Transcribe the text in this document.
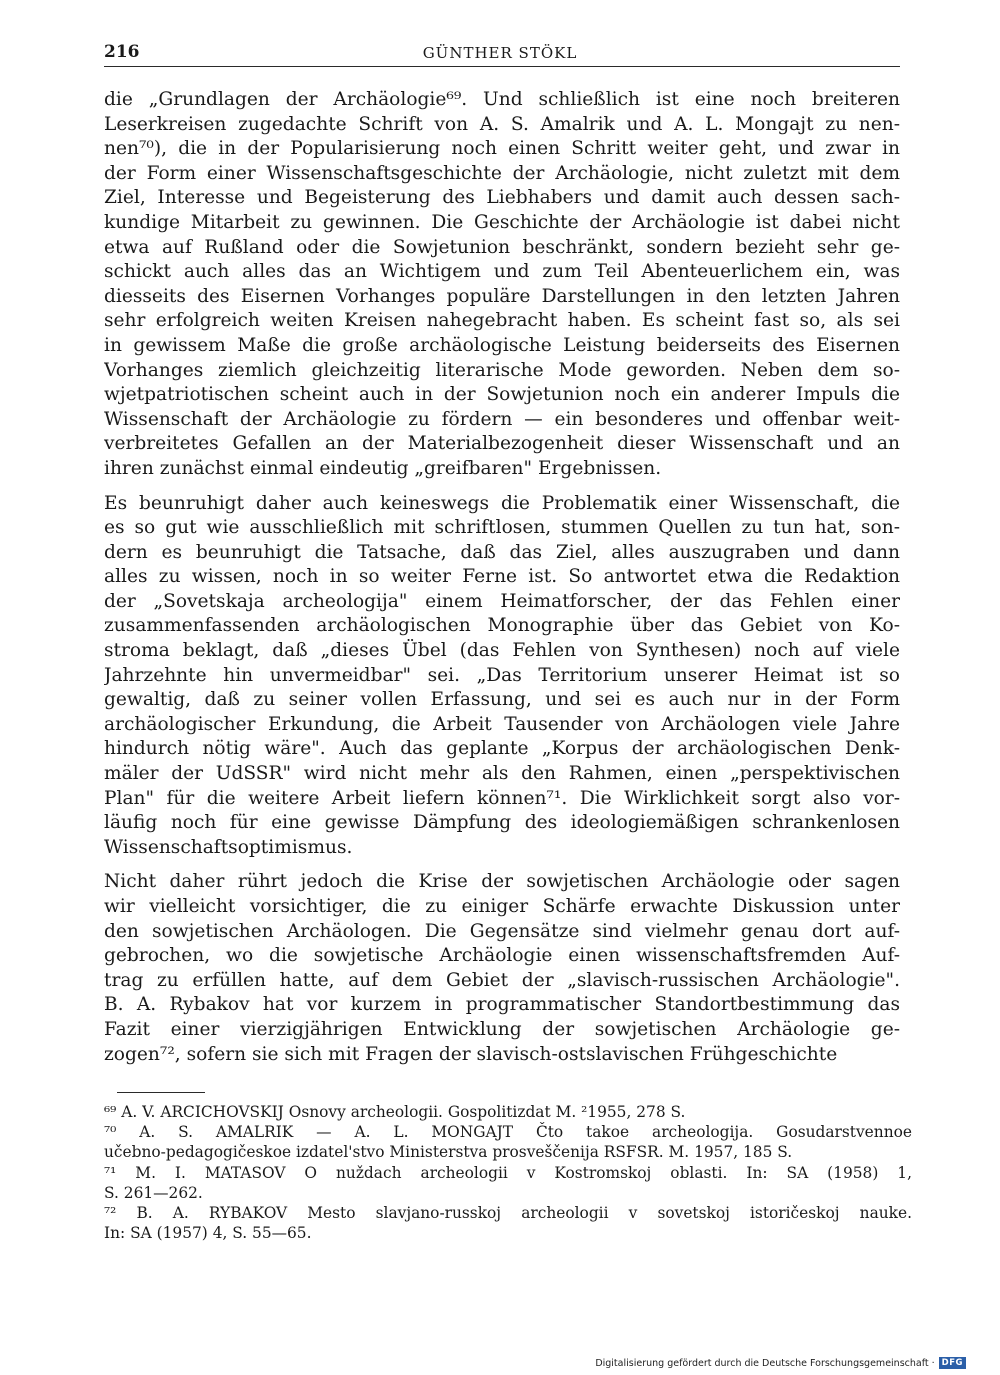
216	GÜNTHER STÖKL
die „Grundlagen der Archäologie⁶⁹. Und schließlich ist eine noch breiteren
Leserkreisen zugedachte Schrift von A. S. Amalrik und A. L. Mongajt zu nen-
nen⁷⁰), die in der Popularisierung noch einen Schritt weiter geht, und zwar in
der Form einer Wissenschaftsgeschichte der Archäologie, nicht zuletzt mit dem
Ziel, Interesse und Begeisterung des Liebhabers und damit auch dessen sach-
kundige Mitarbeit zu gewinnen. Die Geschichte der Archäologie ist dabei nicht
etwa auf Rußland oder die Sowjetunion beschränkt, sondern bezieht sehr ge-
schickt auch alles das an Wichtigem und zum Teil Abenteuerlichem ein, was
diesseits des Eisernen Vorhanges populäre Darstellungen in den letzten Jahren
sehr erfolgreich weiten Kreisen nahegebracht haben. Es scheint fast so, als sei
in gewissem Maße die große archäologische Leistung beiderseits des Eisernen
Vorhanges ziemlich gleichzeitig literarische Mode geworden. Neben dem so-
wjetpatriotischen scheint auch in der Sowjetunion noch ein anderer Impuls die
Wissenschaft der Archäologie zu fördern — ein besonderes und offenbar weit-
verbreitetes Gefallen an der Materialbezogenheit dieser Wissenschaft und an
ihren zunächst einmal eindeutig „greifbaren" Ergebnissen.
Es beunruhigt daher auch keineswegs die Problematik einer Wissenschaft, die
es so gut wie ausschließlich mit schriftlosen, stummen Quellen zu tun hat, son-
dern es beunruhigt die Tatsache, daß das Ziel, alles auszugraben und dann
alles zu wissen, noch in so weiter Ferne ist. So antwortet etwa die Redaktion
der „Sovetskaja archeologija" einem Heimatforscher, der das Fehlen einer
zusammenfassenden archäologischen Monographie über das Gebiet von Ko-
stroma beklagt, daß „dieses Übel (das Fehlen von Synthesen) noch auf viele
Jahrzehnte hin unvermeidbar" sei. „Das Territorium unserer Heimat ist so
gewaltig, daß zu seiner vollen Erfassung, und sei es auch nur in der Form
archäologischer Erkundung, die Arbeit Tausender von Archäologen viele Jahre
hindurch nötig wäre". Auch das geplante „Korpus der archäologischen Denk-
mäler der UdSSR" wird nicht mehr als den Rahmen, einen „perspektivischen
Plan" für die weitere Arbeit liefern können⁷¹. Die Wirklichkeit sorgt also vor-
läufig noch für eine gewisse Dämpfung des ideologiemäßigen schrankenlosen
Wissenschaftsoptimismus.
Nicht daher rührt jedoch die Krise der sowjetischen Archäologie oder sagen
wir vielleicht vorsichtiger, die zu einiger Schärfe erwachte Diskussion unter
den sowjetischen Archäologen. Die Gegensätze sind vielmehr genau dort auf-
gebrochen, wo die sowjetische Archäologie einen wissenschaftsfremden Auf-
trag zu erfüllen hatte, auf dem Gebiet der „slavisch-russischen Archäologie".
B. A. Rybakov hat vor kurzem in programmatischer Standortbestimmung das
Fazit einer vierzigjährigen Entwicklung der sowjetischen Archäologie ge-
zogen⁷², sofern sie sich mit Fragen der slavisch-ostslavischen Frühgeschichte
⁶⁹ A. V. ARCICHOVSKIJ Osnovy archeologii. Gospolitizdat M. ²1955, 278 S.
⁷⁰ A. S. AMALRIK — A. L. MONGAJT Čto takoe archeologija. Gosudarstvennoe
učebno-pedagogičeskoe izdatel'stvo Ministerstva prosveščenija RSFSR. M. 1957, 185 S.
⁷¹ M. I. MATASOV O nuždach archeologii v Kostromskoj oblasti. In: SA (1958) 1,
S. 261—262.
⁷² B. A. RYBAKOV Mesto slavjano-russkoj archeologii v sovetskoj istoričeskoj nauke.
In: SA (1957) 4, S. 55—65.
Digitalisierung gefördert durch die Deutsche Forschungsgemeinschaft · DFG
